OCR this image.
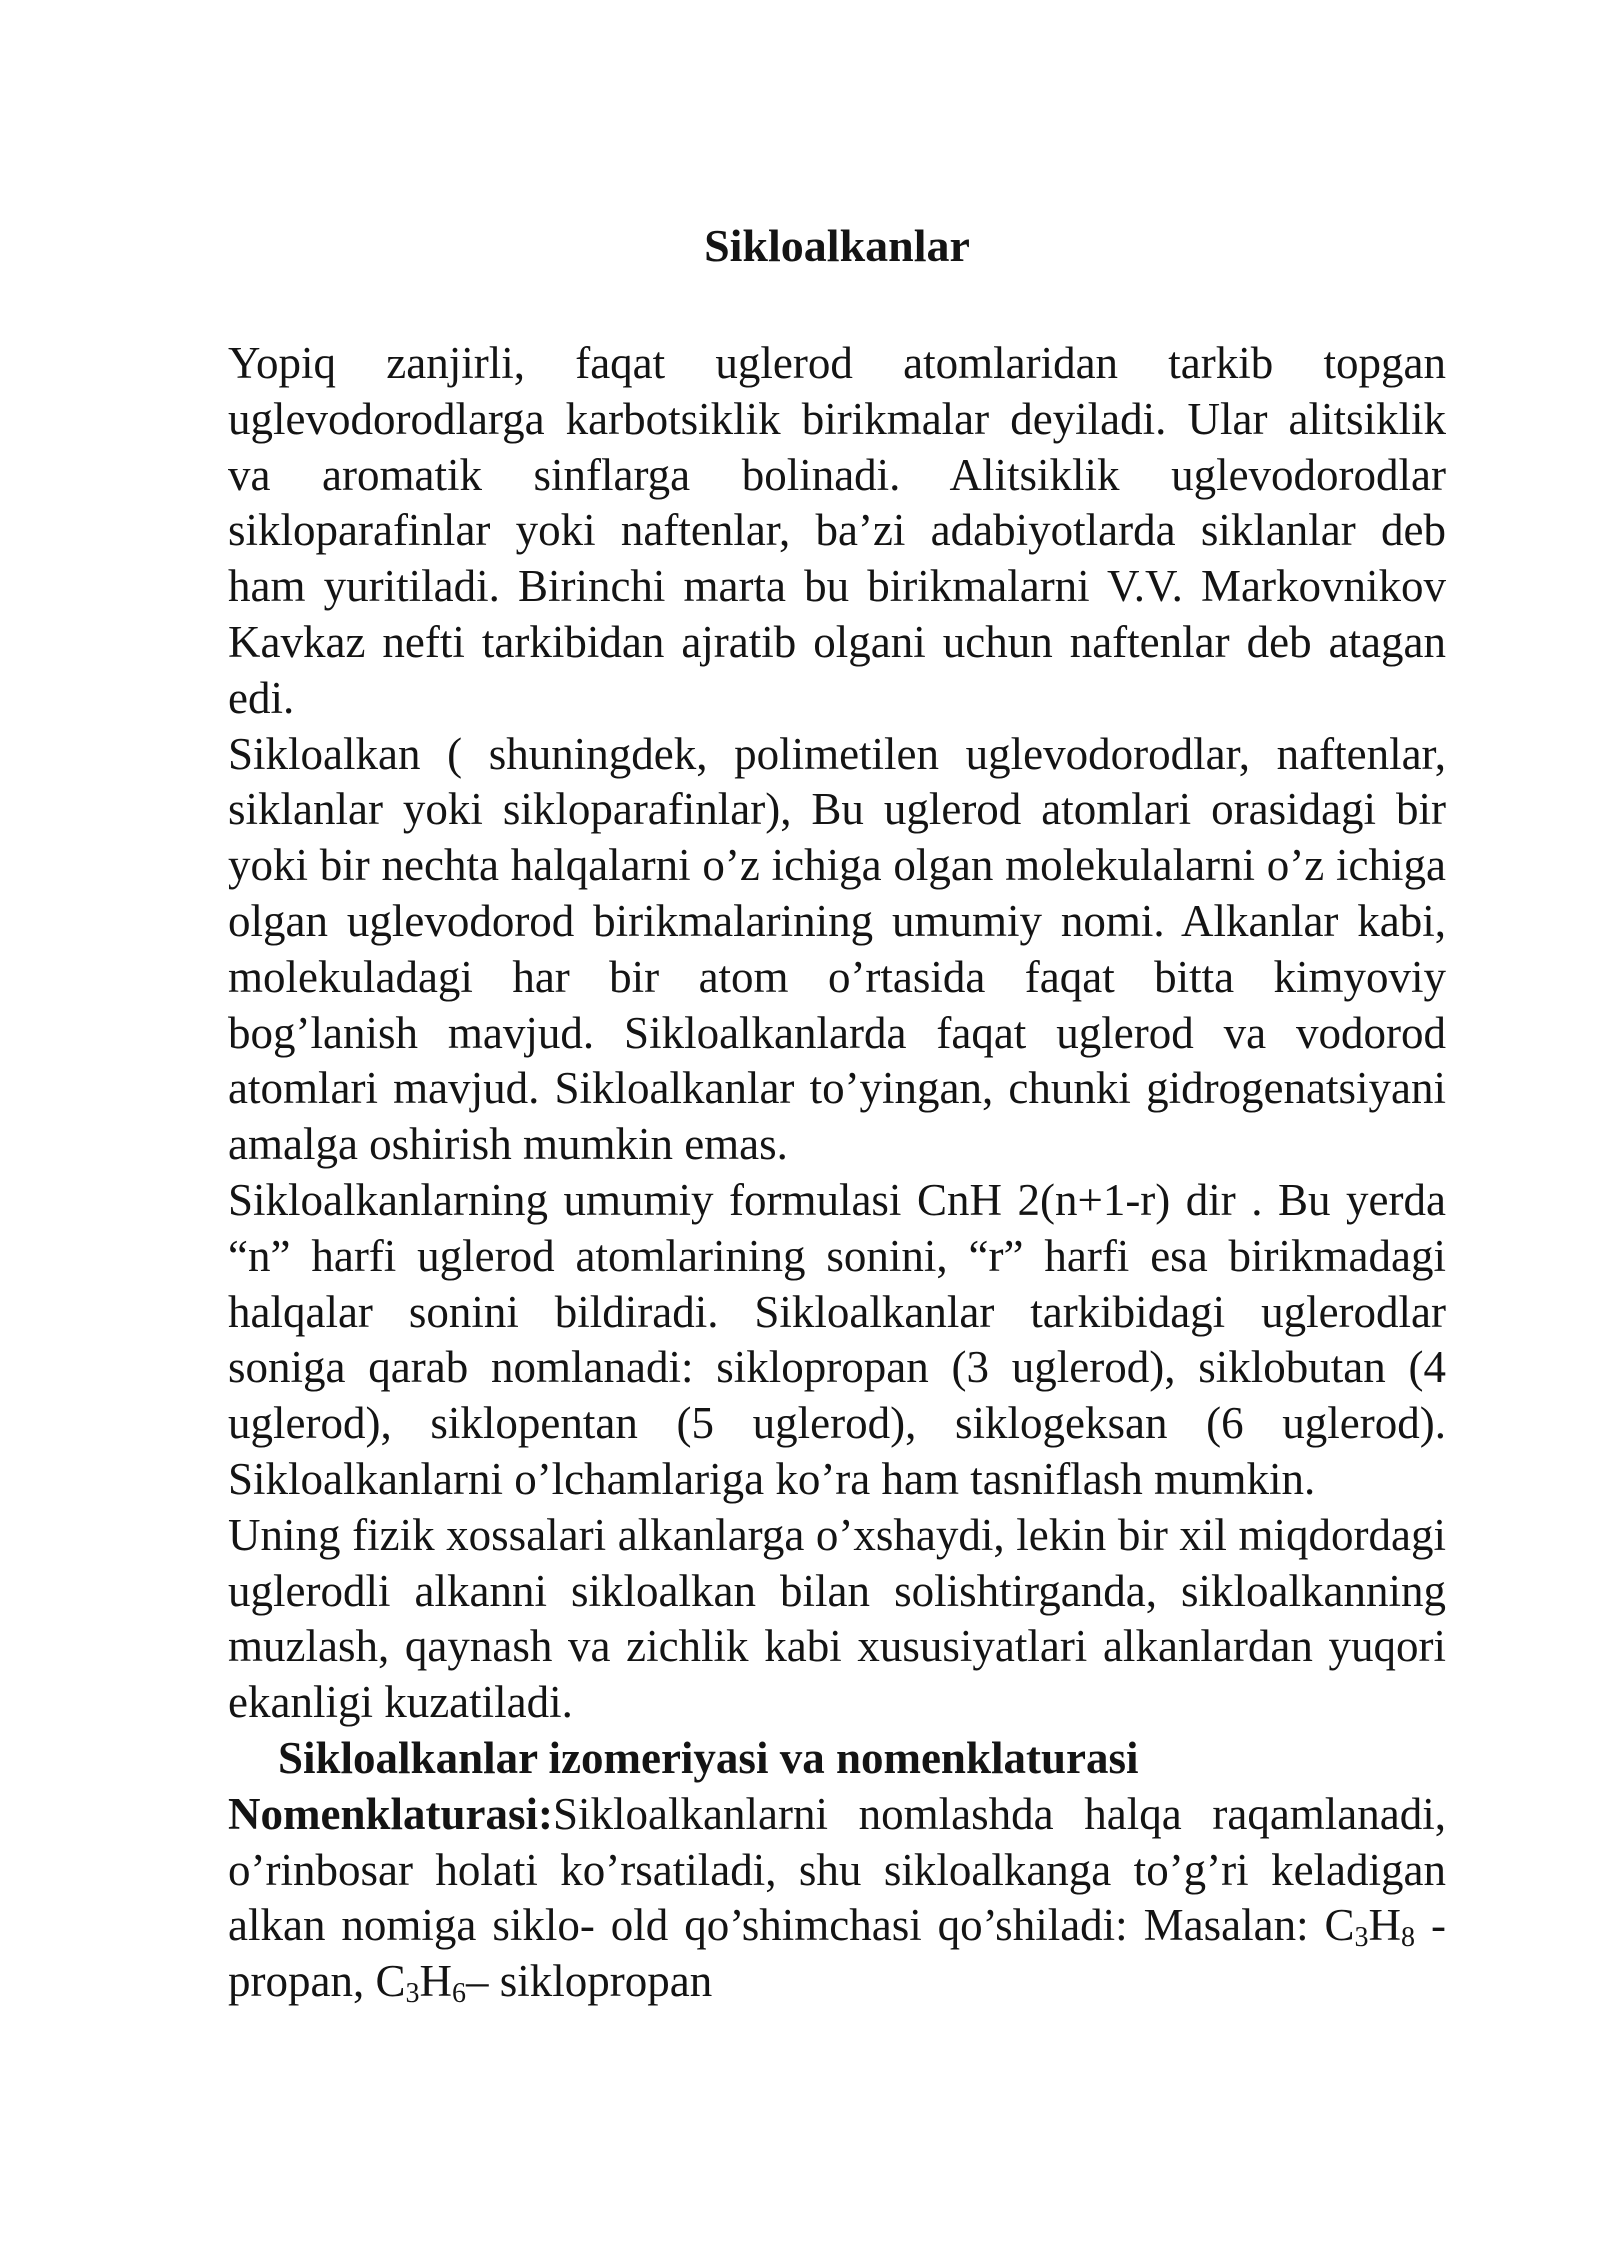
Sikloalkanlar

Yopiq zanjirli, faqat uglerod atomlaridan tarkib topgan uglevodorodlarga karbotsiklik birikmalar deyiladi. Ular alitsiklik va aromatik sinflarga bolinadi. Alitsiklik uglevodorodlar sikloparafinlar yoki naftenlar, ba’zi adabiyotlarda siklanlar deb ham yuritiladi. Birinchi marta bu birikmalarni V.V. Markovnikov Kavkaz nefti tarkibidan ajratib olgani uchun naftenlar deb atagan edi.

Sikloalkan ( shuningdek, polimetilen uglevodorodlar, naftenlar, siklanlar yoki sikloparafinlar), Bu uglerod atomlari orasidagi bir yoki bir nechta halqalarni o’z ichiga olgan molekulalarni o’z ichiga olgan uglevodorod birikmalarining umumiy nomi. Alkanlar kabi, molekuladagi har bir atom o’rtasida faqat bitta kimyoviy bog’lanish mavjud. Sikloalkanlarda faqat uglerod va vodorod atomlari mavjud. Sikloalkanlar to’yingan, chunki gidrogenatsiyani amalga oshirish mumkin emas.

Sikloalkanlarning umumiy formulasi CnH 2(n+1-r) dir . Bu yerda “n” harfi uglerod atomlarining sonini, “r” harfi esa birikmadagi halqalar sonini bildiradi. Sikloalkanlar tarkibidagi uglerodlar soniga qarab nomlanadi: siklopropan (3 uglerod), siklobutan (4 uglerod), siklopentan (5 uglerod), siklogeksan (6 uglerod). Sikloalkanlarni o’lchamlariga ko’ra ham tasniflash mumkin.

Uning fizik xossalari alkanlarga o’xshaydi, lekin bir xil miqdordagi uglerodli alkanni sikloalkan bilan solishtirganda, sikloalkanning muzlash, qaynash va zichlik kabi xususiyatlari alkanlardan yuqori ekanligi kuzatiladi.

Sikloalkanlar izomeriyasi va nomenklaturasi

Nomenklaturasi:Sikloalkanlarni nomlashda halqa raqamlanadi, o’rinbosar holati ko’rsatiladi, shu sikloalkanga to’g’ri keladigan alkan nomiga siklo- old qo’shimchasi qo’shiladi: Masalan: $C_3H_8$ - propan, $C_3H_6-$ siklopropan
